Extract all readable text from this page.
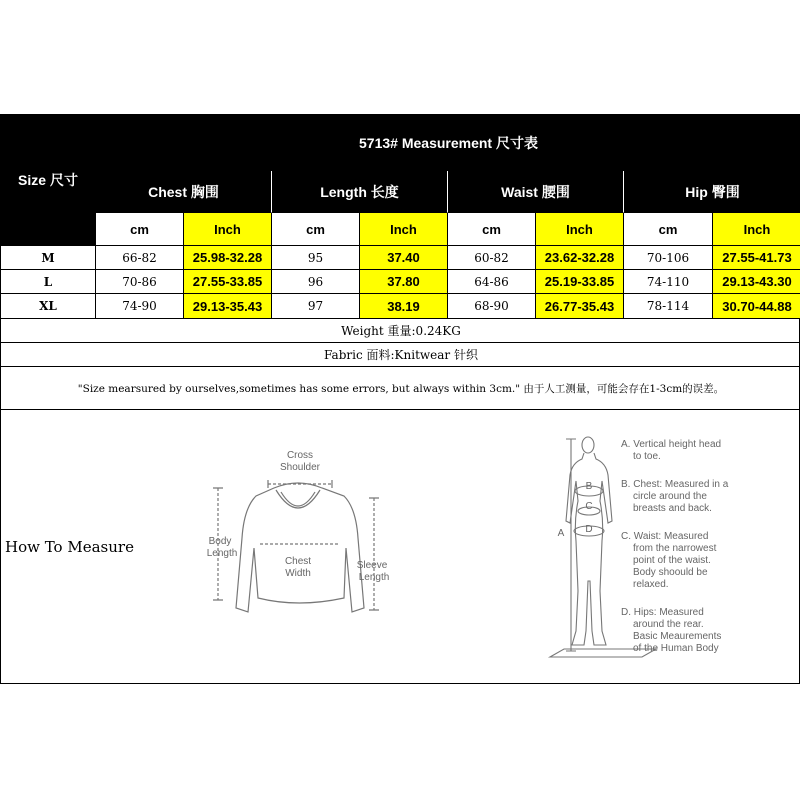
Size 尺寸
5713# Measurement 尺寸表
Chest 胸围	Length 长度	Waist 腰围	Hip 臀围
cm	Inch	cm	Inch	cm	Inch	cm	Inch
M	66-82	25.98-32.28	95	37.40	60-82	23.62-32.28	70-106	27.55-41.73
L	70-86	27.55-33.85	96	37.80	64-86	25.19-33.85	74-110	29.13-43.30
XL	74-90	29.13-35.43	97	38.19	68-90	26.77-35.43	78-114	30.70-44.88
Weight 重量:0.24KG
Fabric 面料:Knitwear 针织
"Size mearsured by ourselves,sometimes has some errors, but always within 3cm." 由于人工测量，可能会存在1-3cm的误差。
How To Measure
Cross
Shoulder
Body
Length
Chest
Width
Sleeve
Length
B
C
D
A
A. Vertical height head
to toe.
B. Chest: Measured in a
circle around the
breasts and back.
C. Waist: Measured
from the narrowest
point of the waist.
Body shoould be
relaxed.
D. Hips: Measured
around the rear.
Basic Meaurements
of the Human Body
